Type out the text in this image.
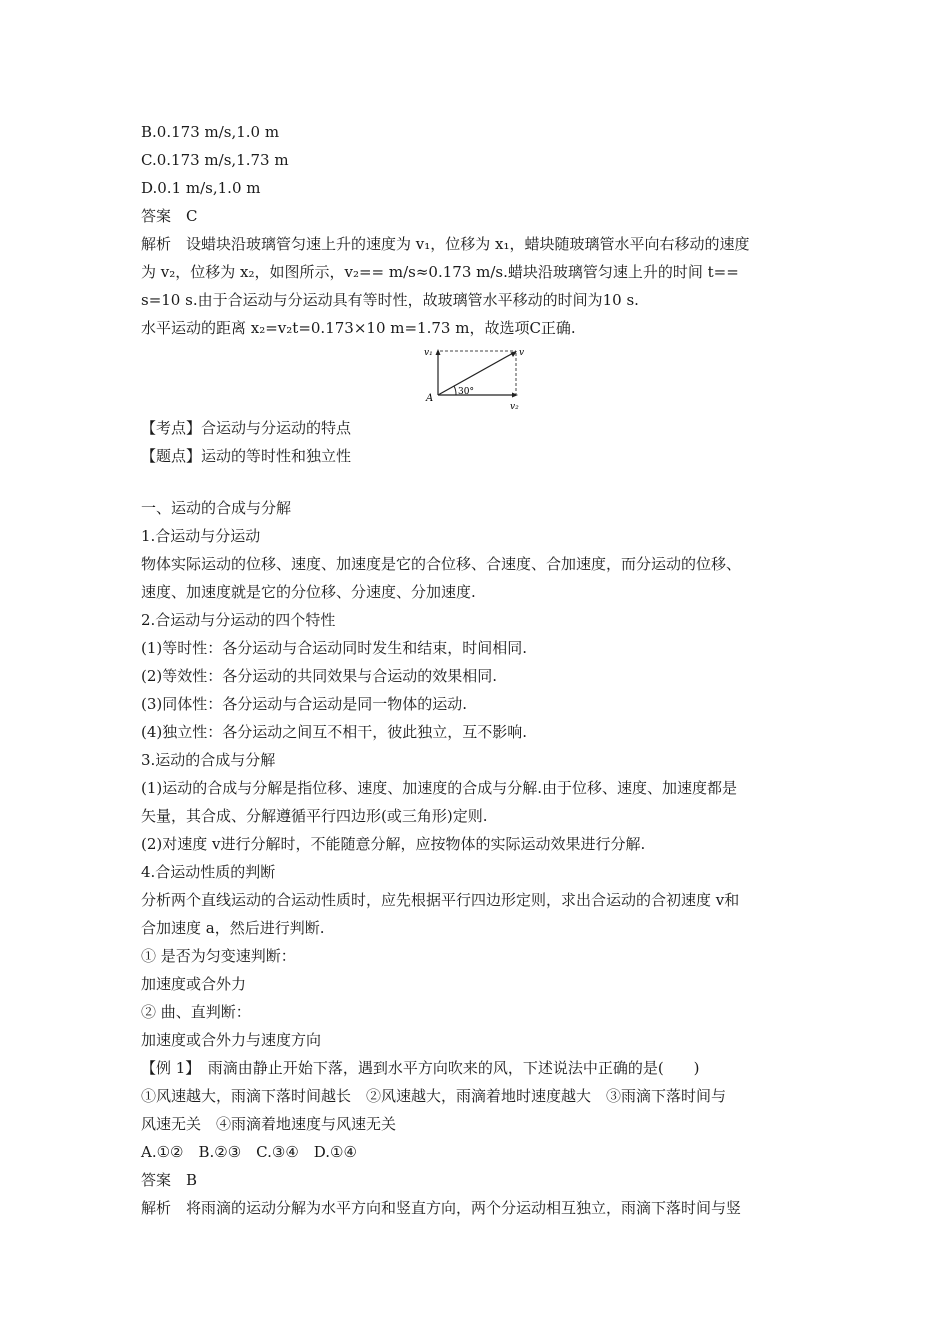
B.0.173 m/s,1.0 m
C.0.173 m/s,1.73 m
D.0.1 m/s,1.0 m
答案　C
解析　设蜡块沿玻璃管匀速上升的速度为 v₁，位移为 x₁，蜡块随玻璃管水平向右移动的速度
为 v₂，位移为 x₂，如图所示，v₂== m/s≈0.173 m/s.蜡块沿玻璃管匀速上升的时间 t==
s=10 s.由于合运动与分运动具有等时性，故玻璃管水平移动的时间为10 s.
水平运动的距离 x₂=v₂t=0.173×10 m=1.73 m，故选项C正确.
v₁	v
A
30°
v₂
【考点】合运动与分运动的特点
【题点】运动的等时性和独立性
一、运动的合成与分解
1.合运动与分运动
物体实际运动的位移、速度、加速度是它的合位移、合速度、合加速度，而分运动的位移、
速度、加速度就是它的分位移、分速度、分加速度.
2.合运动与分运动的四个特性
(1)等时性：各分运动与合运动同时发生和结束，时间相同.
(2)等效性：各分运动的共同效果与合运动的效果相同.
(3)同体性：各分运动与合运动是同一物体的运动.
(4)独立性：各分运动之间互不相干，彼此独立，互不影响.
3.运动的合成与分解
(1)运动的合成与分解是指位移、速度、加速度的合成与分解.由于位移、速度、加速度都是
矢量，其合成、分解遵循平行四边形(或三角形)定则.
(2)对速度 v进行分解时，不能随意分解，应按物体的实际运动效果进行分解.
4.合运动性质的判断
分析两个直线运动的合运动性质时，应先根据平行四边形定则，求出合运动的合初速度 v和
合加速度 a，然后进行判断.
① 是否为匀变速判断：
加速度或合外力
② 曲、直判断：
加速度或合外力与速度方向
【例 1】　雨滴由静止开始下落，遇到水平方向吹来的风，下述说法中正确的是(　　)
①风速越大，雨滴下落时间越长　②风速越大，雨滴着地时速度越大　③雨滴下落时间与
风速无关　④雨滴着地速度与风速无关
A.①②　B.②③　C.③④　D.①④
答案　B
解析　将雨滴的运动分解为水平方向和竖直方向，两个分运动相互独立，雨滴下落时间与竖
